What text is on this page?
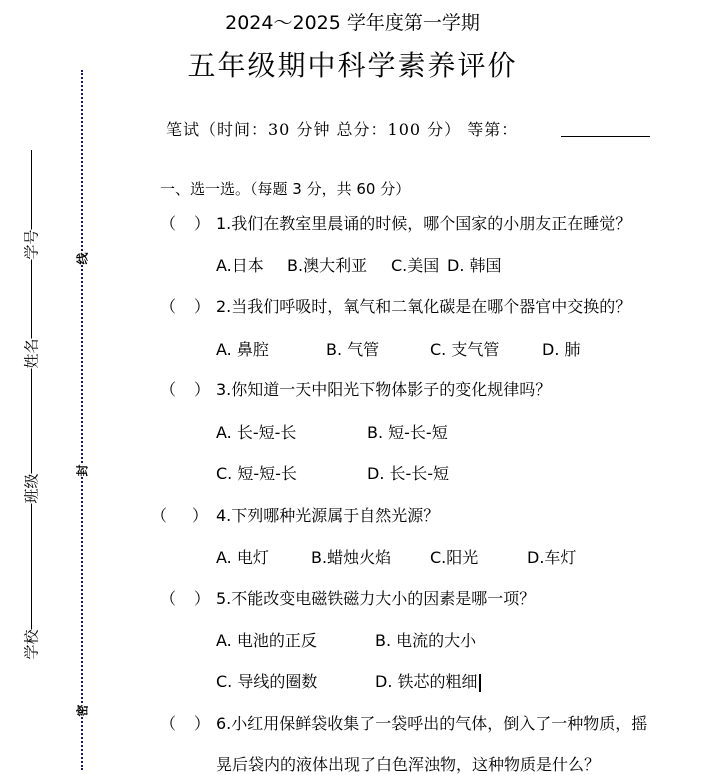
学号
姓名
班级
学校
线
封
密
2024～2025 学年度第一学期
五年级期中科学素养评价
笔试（时间：30 分钟 总分：100 分） 等第：
一、选一选。（每题 3 分，共 60 分）
（ ） 1.我们在教室里晨诵的时候，哪个国家的小朋友正在睡觉？
A.日本 B.澳大利亚 C.美国 D. 韩国
（ ） 2.当我们呼吸时，氧气和二氧化碳是在哪个器官中交换的？
A. 鼻腔	B. 气管	C. 支气管	D. 肺
（ ） 3.你知道一天中阳光下物体影子的变化规律吗？
A. 长-短-长	B. 短-长-短
C. 短-短-长	D. 长-长-短
（ ） 4.下列哪种光源属于自然光源？
A. 电灯	B.蜡烛火焰 C.阳光	D.车灯
（ ） 5.不能改变电磁铁磁力大小的因素是哪一项？
A. 电池的正反	B. 电流的大小
C. 导线的圈数	D. 铁芯的粗细
（ ） 6.小红用保鲜袋收集了一袋呼出的气体，倒入了一种物质，摇
晃后袋内的液体出现了白色浑浊物，这种物质是什么？
